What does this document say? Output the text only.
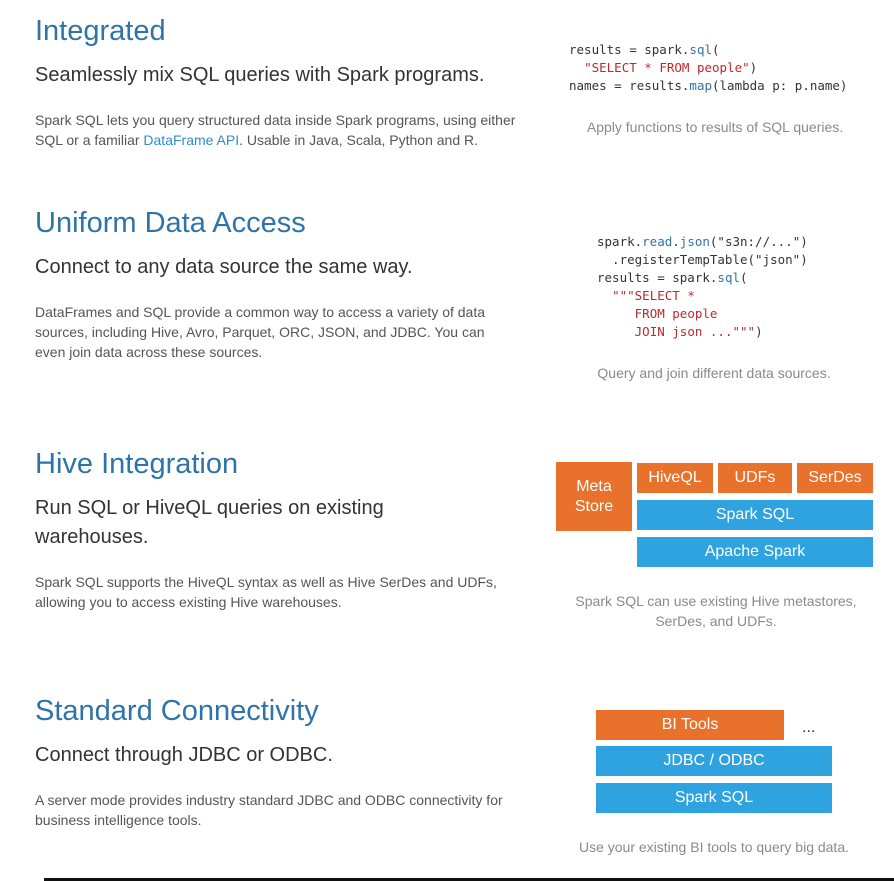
Integrated
Seamlessly mix SQL queries with Spark programs.
Spark SQL lets you query structured data inside Spark programs, using either SQL or a familiar DataFrame API. Usable in Java, Scala, Python and R.
results = spark.sql(
"SELECT * FROM people")
names = results.map(lambda p: p.name)
Apply functions to results of SQL queries.
Uniform Data Access
Connect to any data source the same way.
DataFrames and SQL provide a common way to access a variety of data sources, including Hive, Avro, Parquet, ORC, JSON, and JDBC. You can even join data across these sources.
spark.read.json("s3n://...")
.registerTempTable("json")
results = spark.sql(
"""SELECT *
FROM people
JOIN json ...""")
Query and join different data sources.
Hive Integration
Run SQL or HiveQL queries on existing warehouses.
Spark SQL supports the HiveQL syntax as well as Hive SerDes and UDFs, allowing you to access existing Hive warehouses.
Meta Store
HiveQL	UDFs	SerDes
Spark SQL
Apache Spark
Spark SQL can use existing Hive metastores, SerDes, and UDFs.
Standard Connectivity
Connect through JDBC or ODBC.
A server mode provides industry standard JDBC and ODBC connectivity for business intelligence tools.
BI Tools	...
JDBC / ODBC
Spark SQL
Use your existing BI tools to query big data.
